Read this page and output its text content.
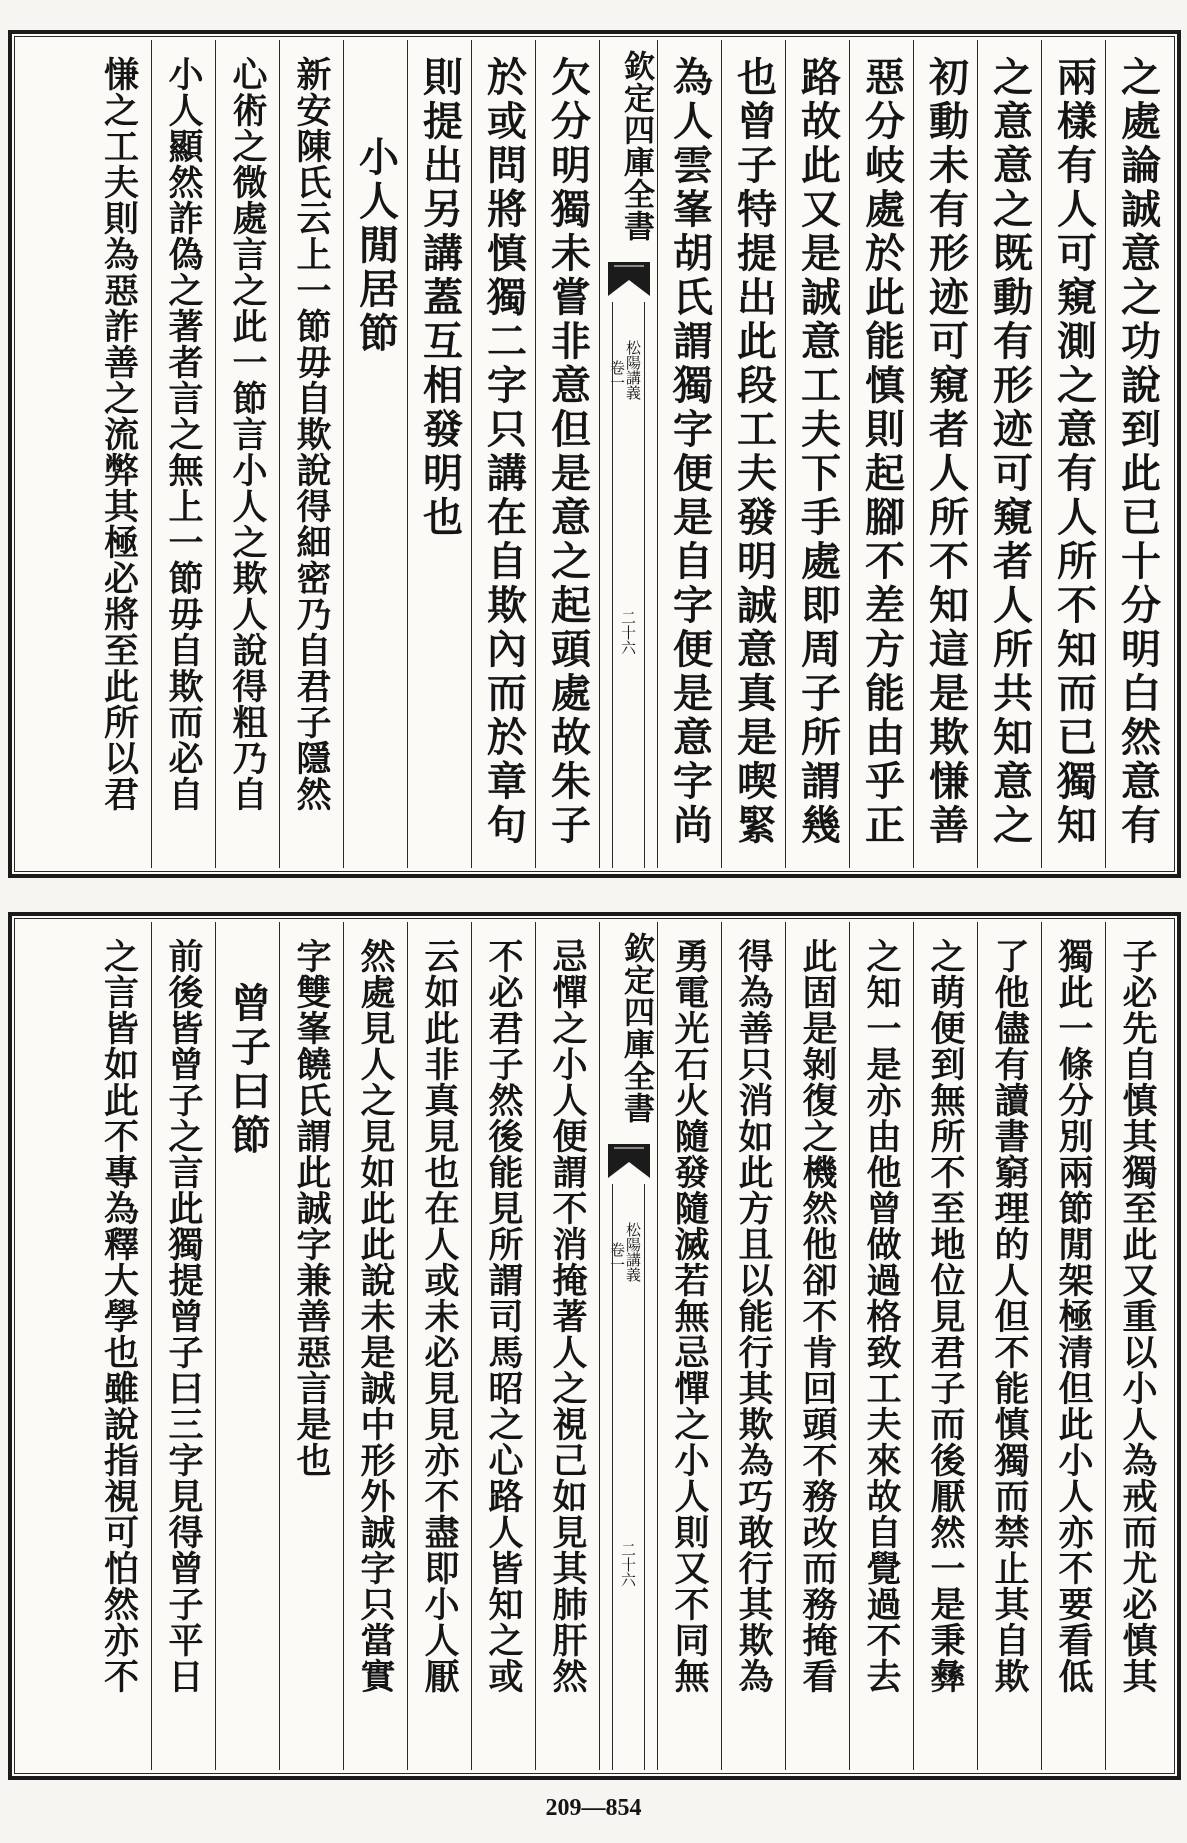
之處論誠意之功說到此已十分明白然意有
兩樣有人可窺測之意有人所不知而已獨知
之意意之既動有形迹可窺者人所共知意之
初動未有形迹可窺者人所不知這是欺慊善
惡分岐處於此能慎則起腳不差方能由乎正
路故此又是誠意工夫下手處即周子所謂幾
也曾子特提出此段工夫發明誠意真是喫緊
為人雲峯胡氏謂獨字便是自字便是意字尚
欽定四庫全書
松陽講義
卷一
二十六
欠分明獨未嘗非意但是意之起頭處故朱子
於或問將慎獨二字只講在自欺內而於章句
則提出另講蓋互相發明也
小人閒居節
新安陳氏云上一節毋自欺說得細密乃自君子隱然
心術之微處言之此一節言小人之欺人說得粗乃自
小人顯然詐偽之著者言之無上一節毋自欺而必自
慊之工夫則為惡詐善之流弊其極必將至此所以君
子必先自慎其獨至此又重以小人為戒而尤必慎其
獨此一條分別兩節閒架極清但此小人亦不要看低
了他儘有讀書窮理的人但不能慎獨而禁止其自欺
之萌便到無所不至地位見君子而後厭然一是秉彝
之知一是亦由他曾做過格致工夫來故自覺過不去
此固是剝復之機然他卻不肯回頭不務改而務掩看
得為善只消如此方且以能行其欺為巧敢行其欺為
勇電光石火隨發隨滅若無忌憚之小人則又不同無
欽定四庫全書
松陽講義
卷一
二十六
忌憚之小人便謂不消掩著人之視己如見其肺肝然
不必君子然後能見所謂司馬昭之心路人皆知之或
云如此非真見也在人或未必見見亦不盡即小人厭
然處見人之見如此此說未是誠中形外誠字只當實
字雙峯饒氏謂此誠字兼善惡言是也
曾子曰節
前後皆曾子之言此獨提曾子曰三字見得曾子平日
之言皆如此不專為釋大學也雖說指視可怕然亦不
209—854
